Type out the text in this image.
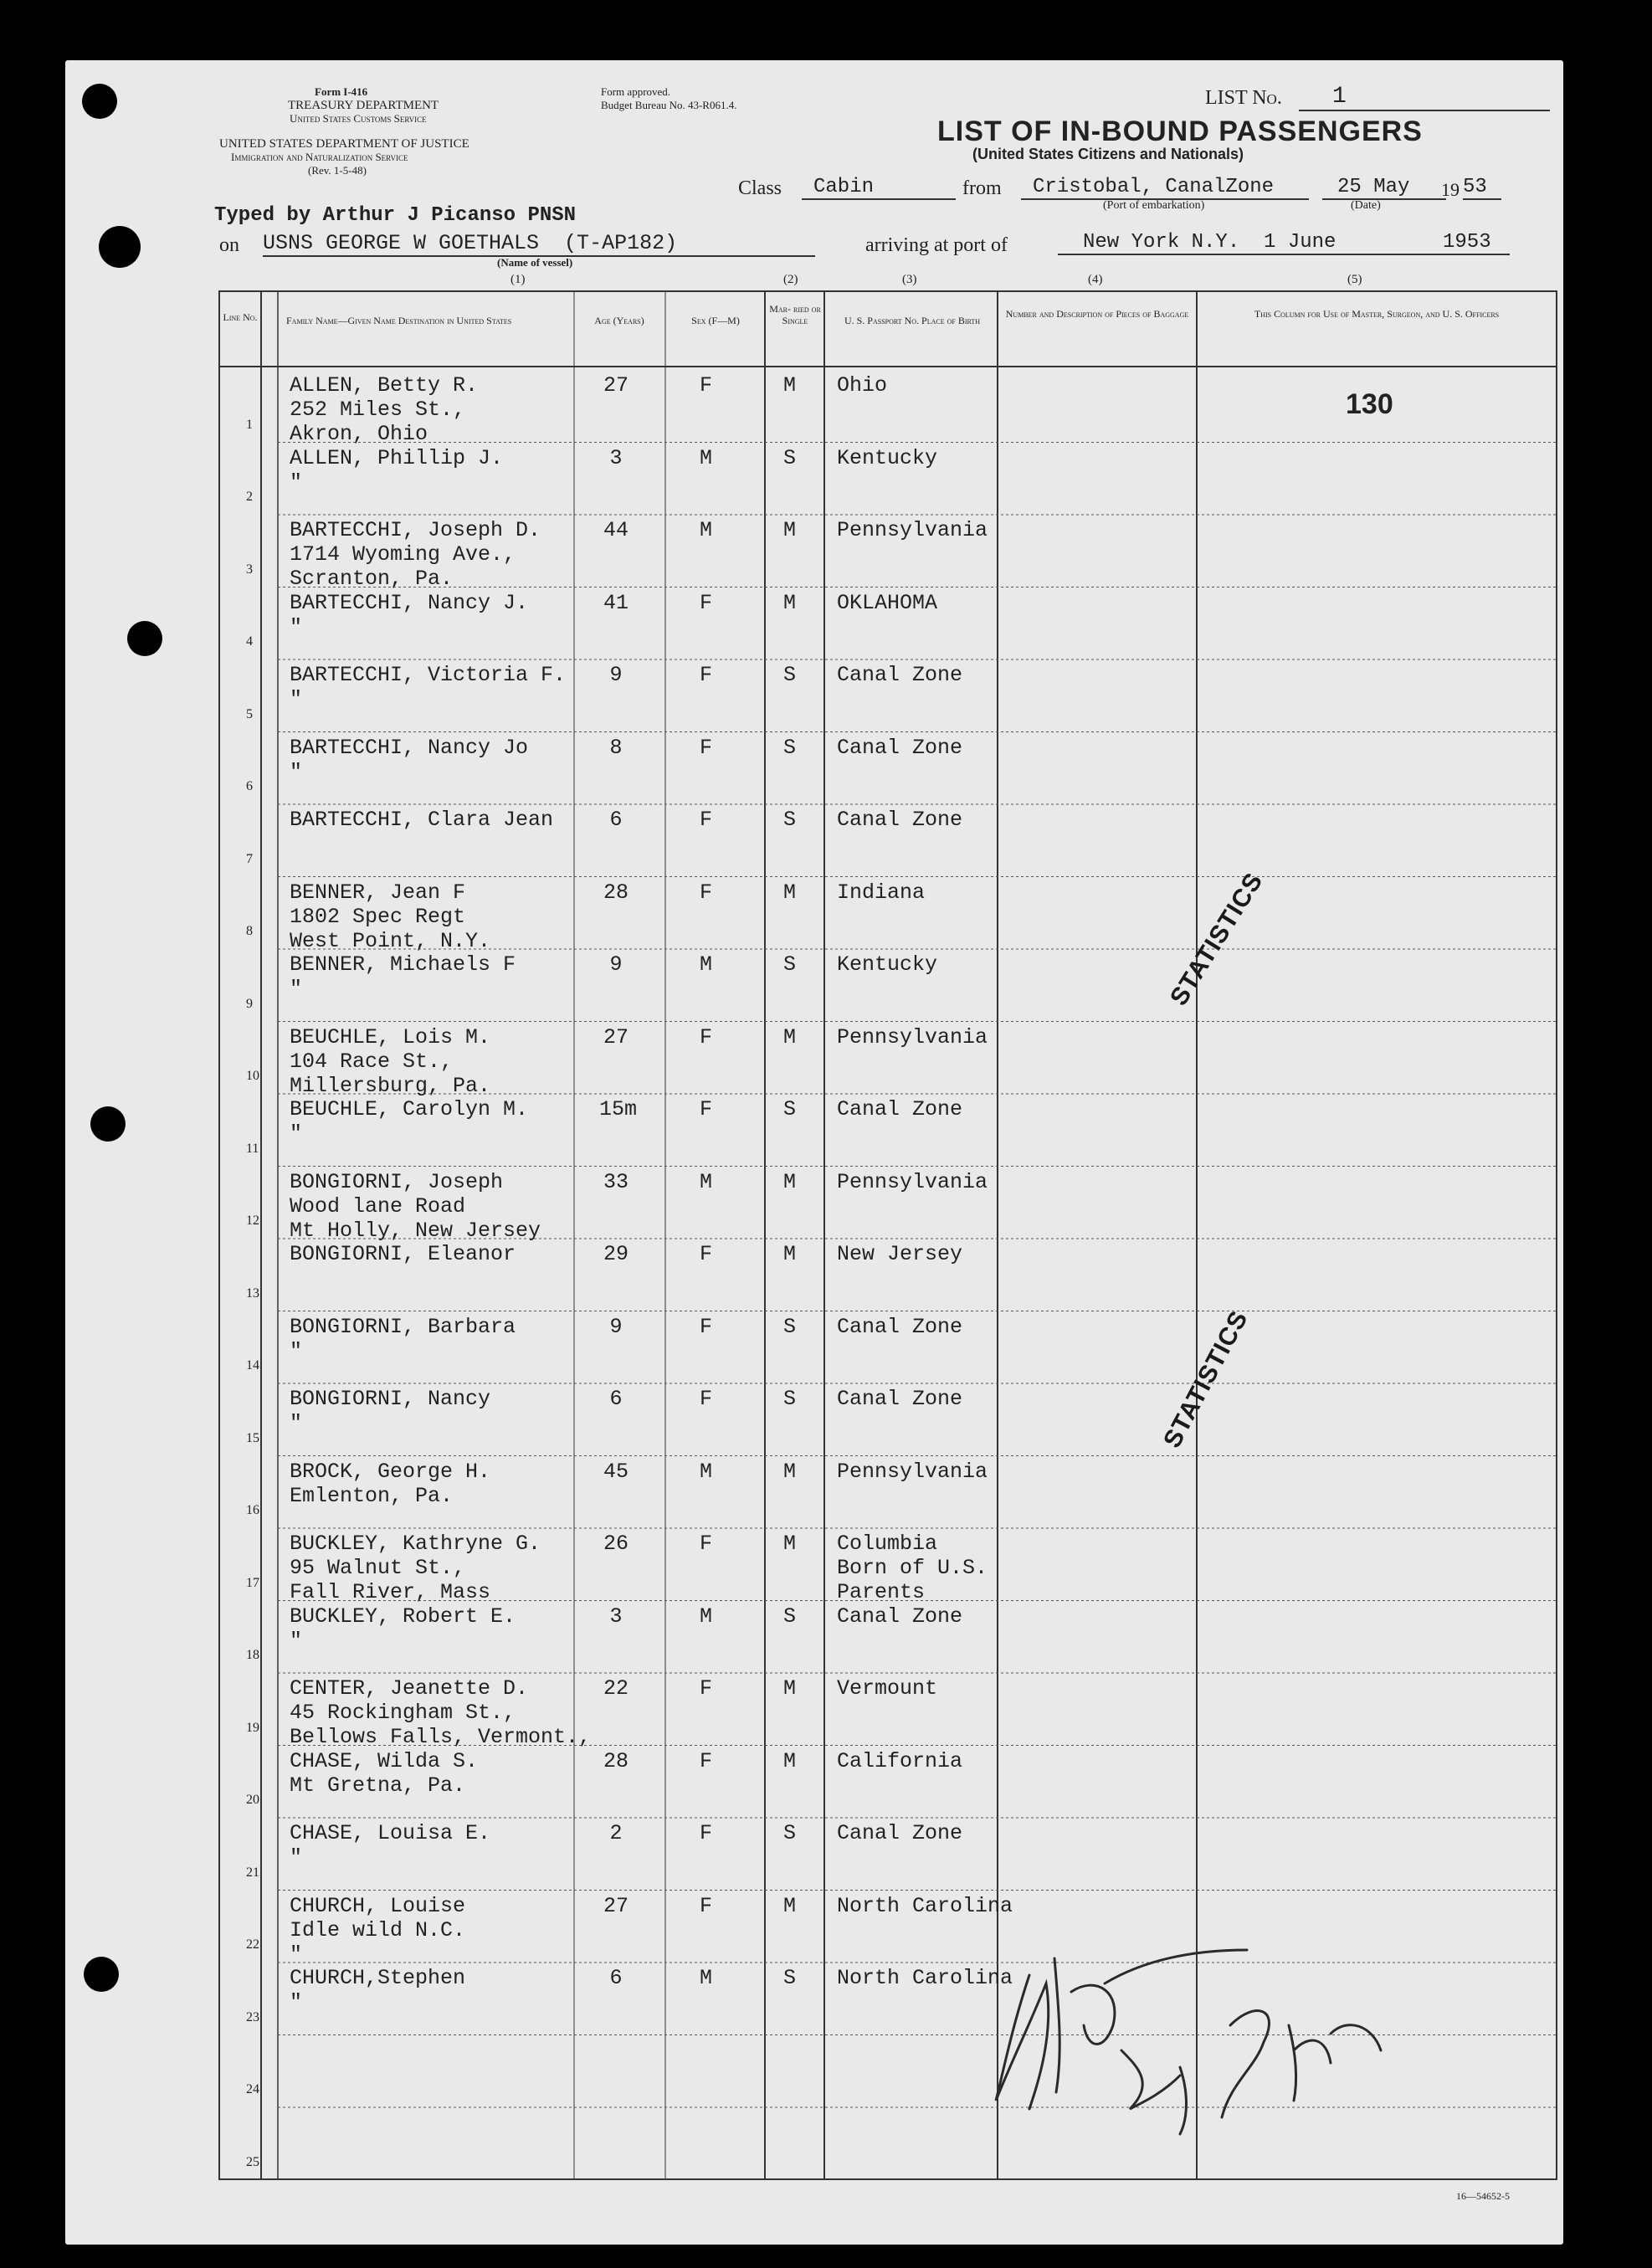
Form I-416
TREASURY DEPARTMENT
United States Customs Service
UNITED STATES DEPARTMENT OF JUSTICE
Immigration and Naturalization Service
(Rev. 1-5-48)
Form approved.
Budget Bureau No. 43-R061.4.	LIST No.	1
LIST OF IN-BOUND PASSENGERS
(United States Citizens and Nationals)
Class	Cabin	from	Cristobal, CanalZone
(Port of embarkation)
25 May	19 53
(Date)
Typed by Arthur J Picanso PNSN
on USNS GEORGE W GOETHALS  (T-AP182)
(Name of vessel)
arriving at port of	New York N.Y.  1 June	1953
(1)	(2)	(3)	(4)	(5)
Line No.	Family Name—Given Name Destination in United States	Age (Years)	Sex (F—M)
Mar- ried or Single	U. S. Passport No. Place of Birth
Number and Description of Pieces of Baggage	This Column for Use of Master, Surgeon, and U. S. Officers
1
ALLEN, Betty R.
252 Miles St.,
Akron, Ohio
27	F	M Ohio
2
ALLEN, Phillip J.
"
3	M	S Kentucky
3
BARTECCHI, Joseph D.
1714 Wyoming Ave.,
Scranton, Pa.
44	M	M Pennsylvania
4
BARTECCHI, Nancy J.
"
41	F	M OKLAHOMA
5
BARTECCHI, Victoria F.
"
9	F	S Canal Zone
6
BARTECCHI, Nancy Jo
"
8	F	S Canal Zone
7
BARTECCHI, Clara Jean	6	F	S Canal Zone
8
BENNER, Jean F
1802 Spec Regt
West Point, N.Y.
28	F	M Indiana
9
BENNER, Michaels F
"
9	M	S Kentucky
10
BEUCHLE, Lois M.
104 Race St.,
Millersburg, Pa.
27	F	M Pennsylvania
11
BEUCHLE, Carolyn M.
"
15m	F	S Canal Zone
12
BONGIORNI, Joseph
Wood lane Road
Mt Holly, New Jersey
33	M	M Pennsylvania
13
BONGIORNI, Eleanor	29	F	M New Jersey
14
BONGIORNI, Barbara
"
9	F	S Canal Zone
15
BONGIORNI, Nancy
"
6	F	S Canal Zone
16
BROCK, George H.
Emlenton, Pa.
45	M	M Pennsylvania
17
BUCKLEY, Kathryne G.
95 Walnut St.,
Fall River, Mass
26	F	M Columbia
Born of U.S.
Parents
18
BUCKLEY, Robert E.
"
3	M	S Canal Zone
19
CENTER, Jeanette D.
45 Rockingham St.,
Bellows Falls, Vermont.,
22	F	M Vermount
20
CHASE, Wilda S.
Mt Gretna, Pa.
28	F	M California
21
CHASE, Louisa E.
"
2	F	S Canal Zone
22
CHURCH, Louise
Idle wild N.C.
"
27	F	M North Carolina
23
CHURCH,Stephen
"
6	M	S North Carolina
24
25
130
STATISTICS
STATISTICS
16—54652-5
